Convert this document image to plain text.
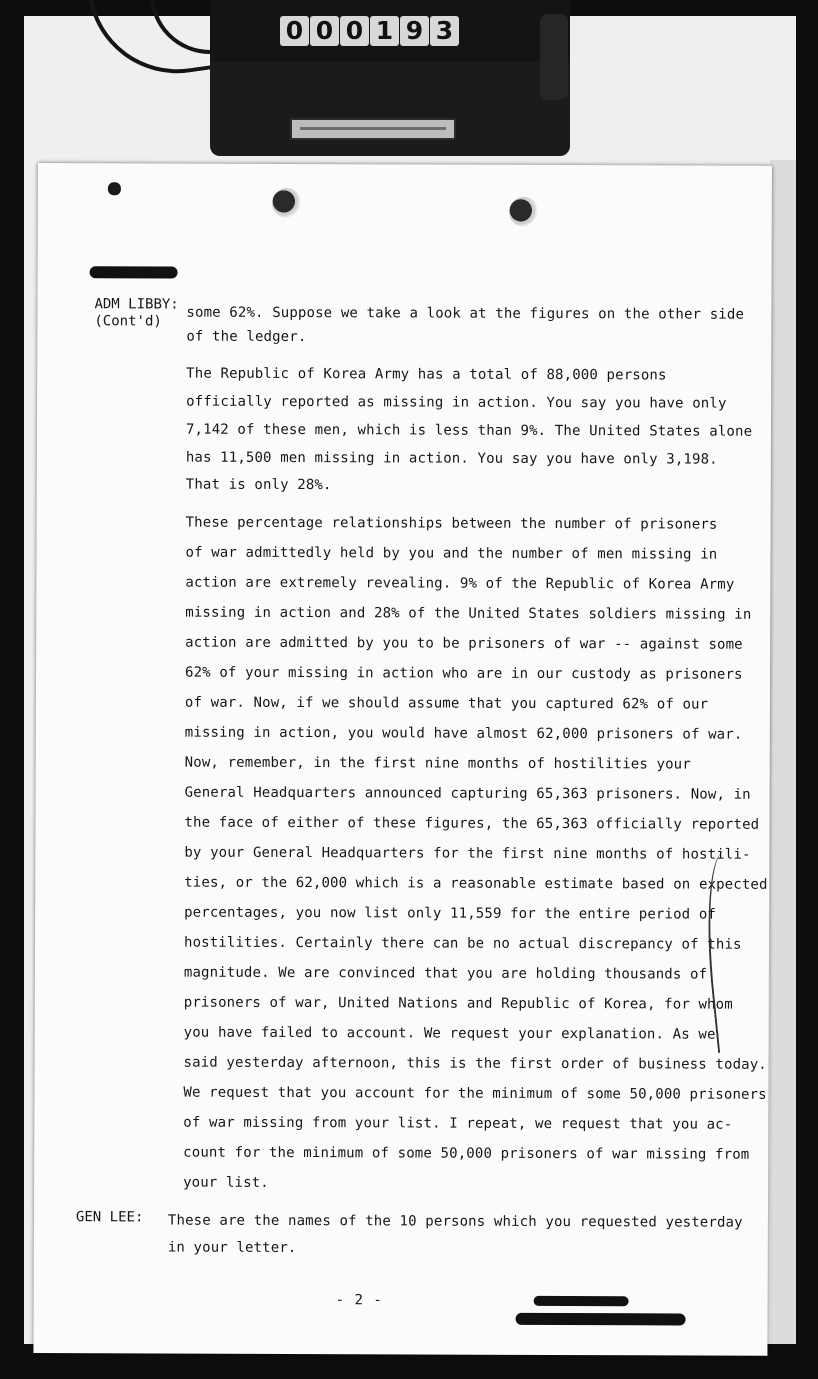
0 0 0 1 9 3
ADM LIBBY:
(Cont'd) some 62%. Suppose we take a look at the figures on the other side
of the ledger.
The Republic of Korea Army has a total of 88,000 persons
officially reported as missing in action. You say you have only
7,142 of these men, which is less than 9%. The United States alone
has 11,500 men missing in action. You say you have only 3,198.
That is only 28%.
These percentage relationships between the number of prisoners
of war admittedly held by you and the number of men missing in
action are extremely revealing. 9% of the Republic of Korea Army
missing in action and 28% of the United States soldiers missing in
action are admitted by you to be prisoners of war -- against some
62% of your missing in action who are in our custody as prisoners
of war. Now, if we should assume that you captured 62% of our
missing in action, you would have almost 62,000 prisoners of war.
Now, remember, in the first nine months of hostilities your
General Headquarters announced capturing 65,363 prisoners. Now, in
the face of either of these figures, the 65,363 officially reported
by your General Headquarters for the first nine months of hostili-
ties, or the 62,000 which is a reasonable estimate based on expected
percentages, you now list only 11,559 for the entire period of
hostilities. Certainly there can be no actual discrepancy of this
magnitude. We are convinced that you are holding thousands of
prisoners of war, United Nations and Republic of Korea, for whom
you have failed to account. We request your explanation. As we
said yesterday afternoon, this is the first order of business today.
We request that you account for the minimum of some 50,000 prisoners
of war missing from your list. I repeat, we request that you ac-
count for the minimum of some 50,000 prisoners of war missing from
your list.
GEN LEE: These are the names of the 10 persons which you requested yesterday
in your letter.
- 2 -
